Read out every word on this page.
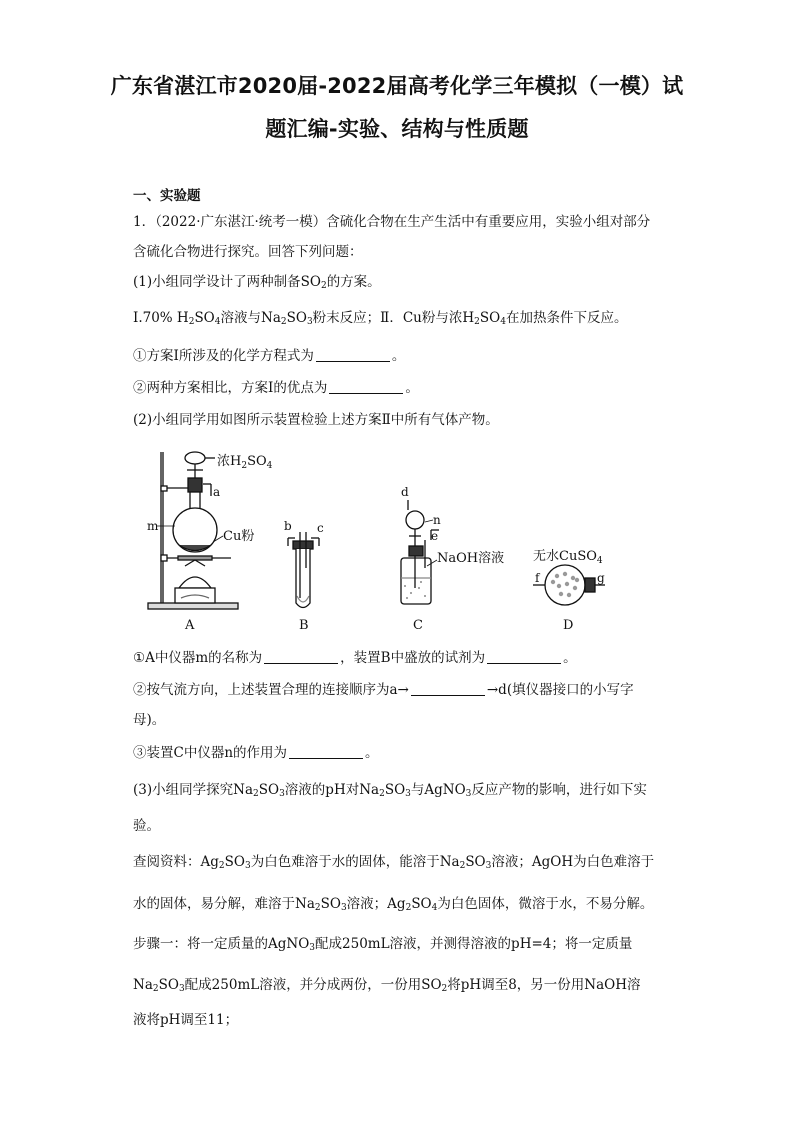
广东省湛江市2020届-2022届高考化学三年模拟（一模）试
题汇编-实验、结构与性质题
一、实验题
1．（2022·广东湛江·统考一模）含硫化合物在生产生活中有重要应用，实验小组对部分
含硫化合物进行探究。回答下列问题：
(1)小组同学设计了两种制备$SO_2$的方案。
Ⅰ.70% $H_2SO_4$溶液与$Na_2SO_3$粉末反应；Ⅱ．Cu粉与浓$H_2SO_4$在加热条件下反应。
①方案Ⅰ所涉及的化学方程式为	。
②两种方案相比，方案Ⅰ的优点为	。
(2)小组同学用如图所示装置检验上述方案Ⅱ中所有气体产物。
浓$H_2SO_4$
a
m
Cu粉
b c
d
n
e
NaOH溶液 无水CuSO$_4$
f	g
A	B	C	D
①A中仪器m的名称为	，装置B中盛放的试剂为	。
②按气流方向，上述装置合理的连接顺序为a→	→d(填仪器接口的小写字
母)。
③装置C中仪器n的作用为	。
(3)小组同学探究$Na_2SO_3$溶液的pH对$Na_2SO_3$与AgNO$_3$反应产物的影响，进行如下实
验。
查阅资料：$Ag_2SO_3$为白色难溶于水的固体，能溶于$Na_2SO_3$溶液；AgOH为白色难溶于
水的固体，易分解，难溶于$Na_2SO_3$溶液；$Ag_2SO_4$为白色固体，微溶于水，不易分解。
步骤一：将一定质量的AgNO$_3$配成250mL溶液，并测得溶液的pH=4；将一定质量
$Na_2SO_3$配成250mL溶液，并分成两份，一份用$SO_2$将pH调至8，另一份用NaOH溶
液将pH调至11；
